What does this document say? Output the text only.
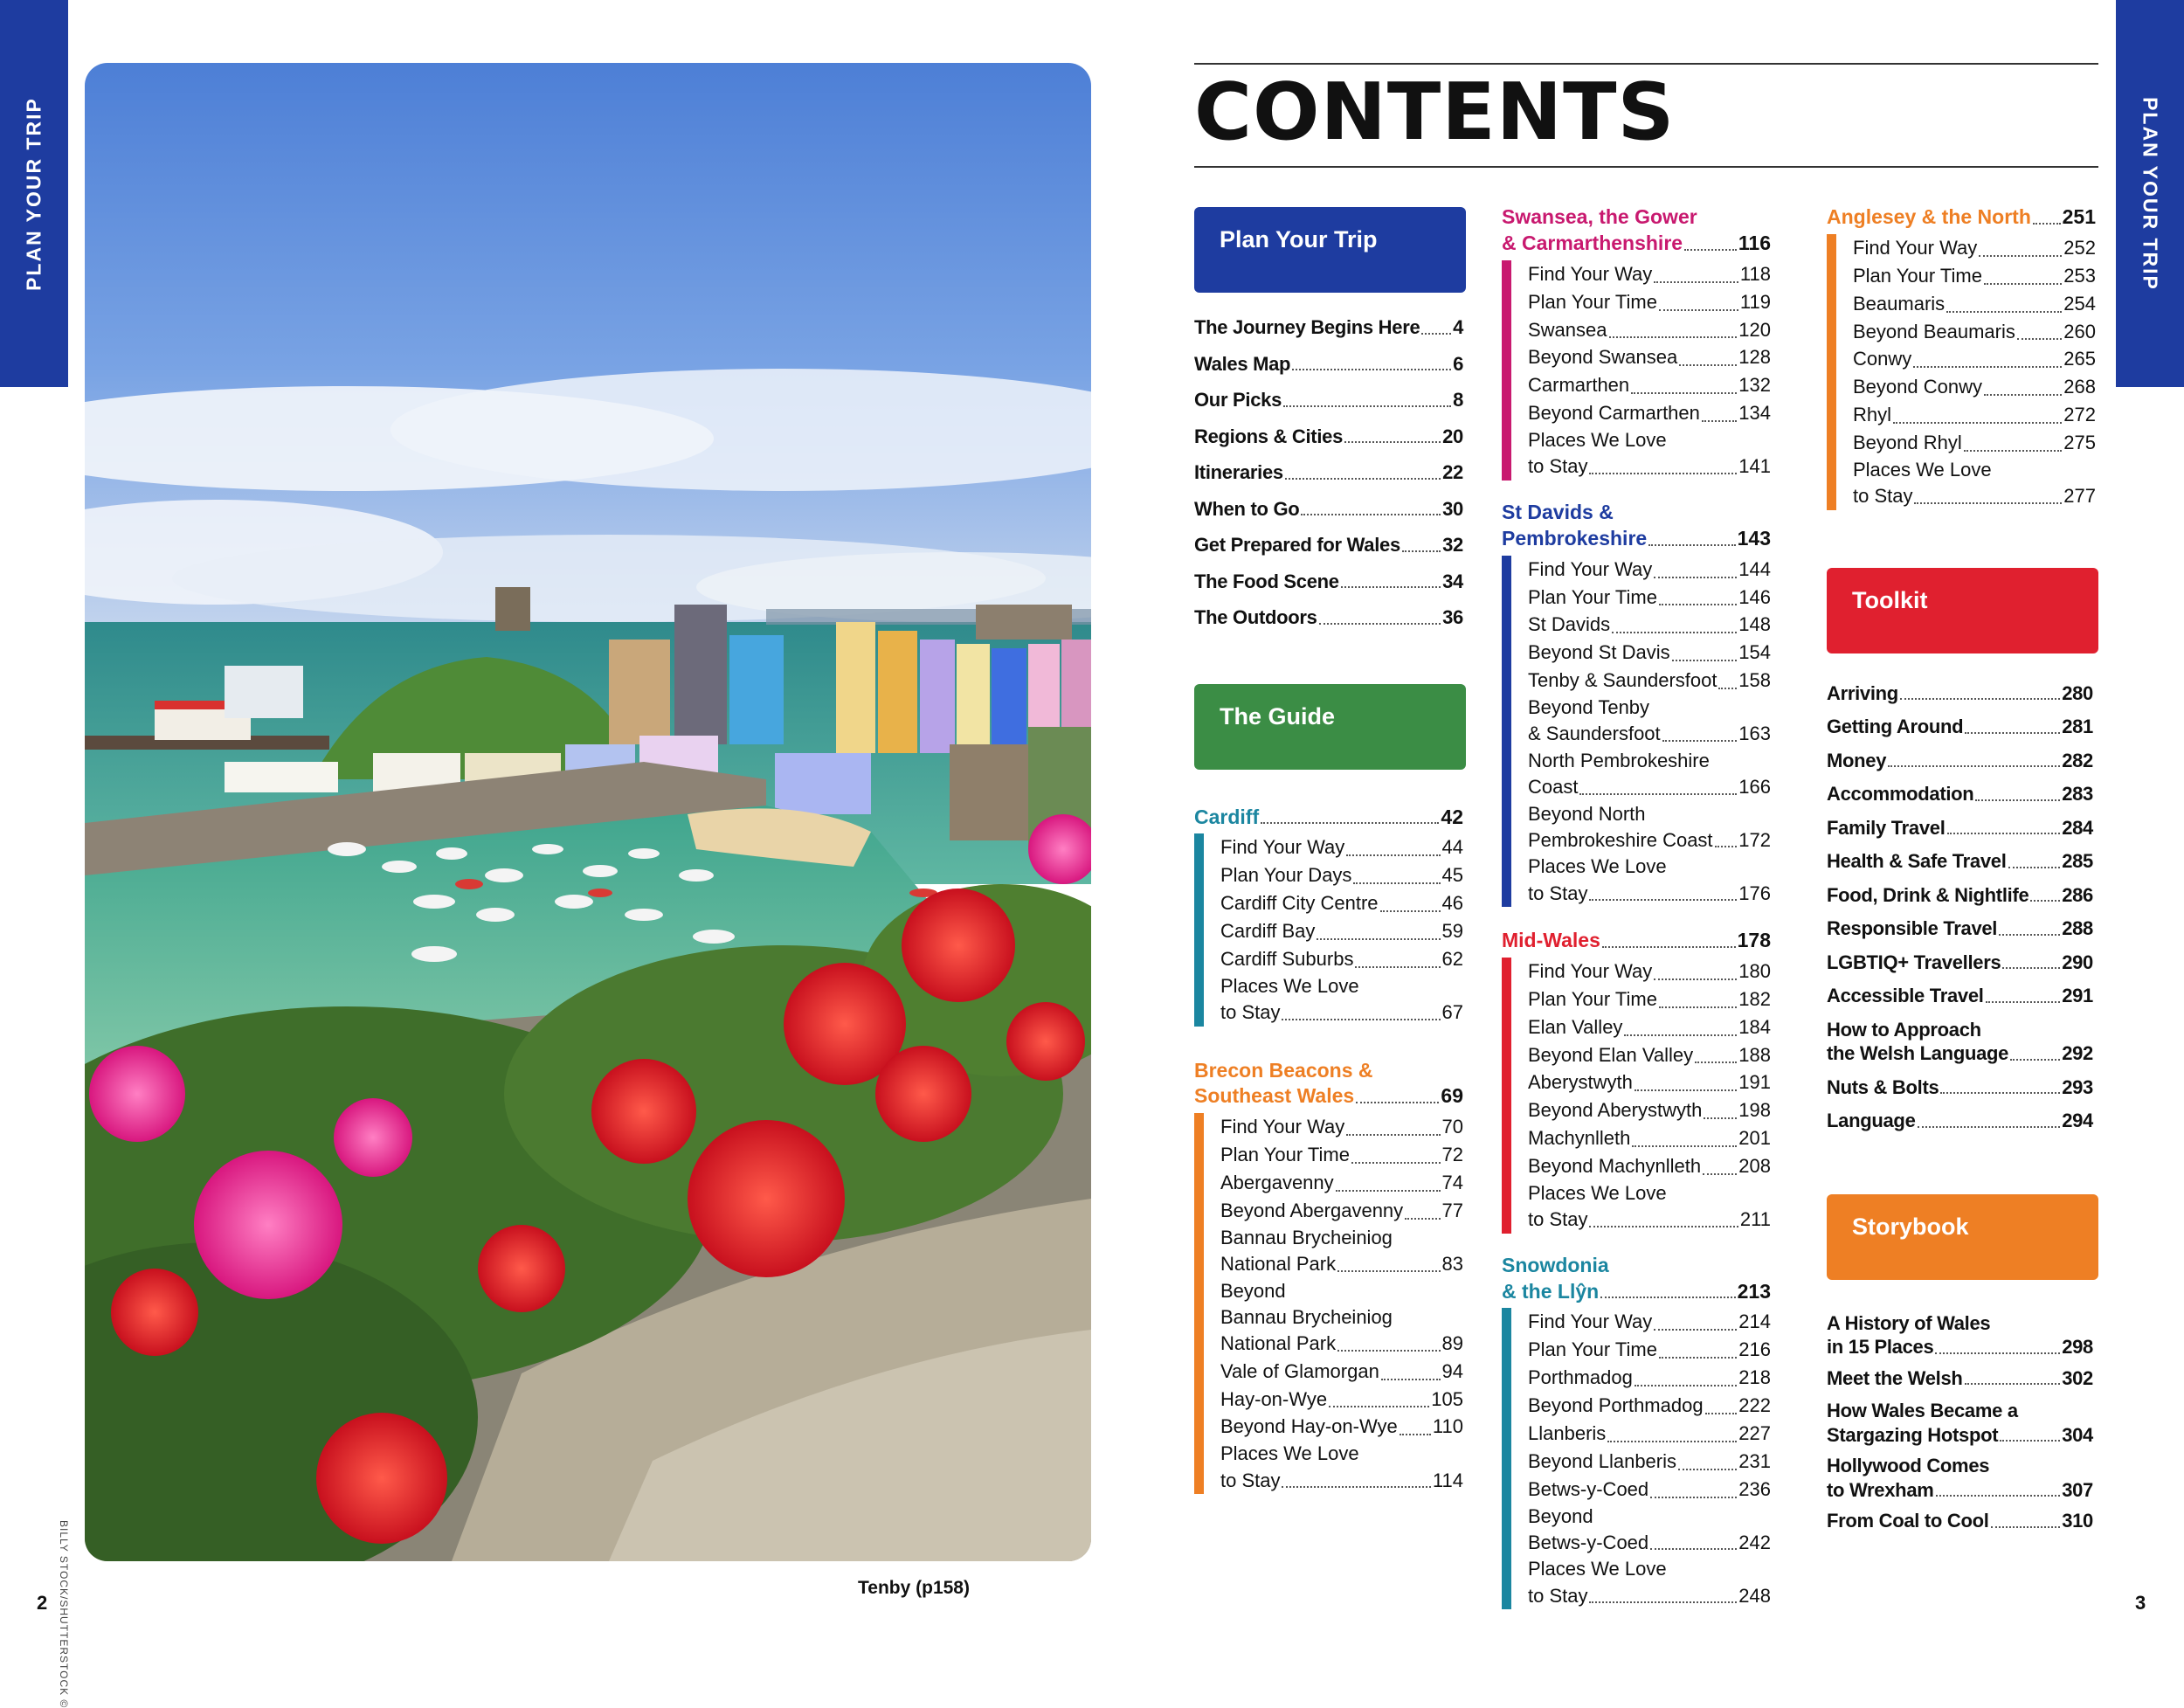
PLAN YOUR TRIP	PLAN YOUR TRIP
2	3
BILLY STOCK/SHUTTERSTOCK ©	Tenby (p158)
CONTENTS
Plan Your Trip
The Journey Begins Here 4
Wales Map	6
Our Picks	8
Regions & Cities	20
Itineraries	22
When to Go	30
Get Prepared for Wales 32
The Food Scene	34
The Outdoors	36
The Guide
Cardiff	42
Find Your Way	44
Plan Your Days	45
Cardiff City Centre	46
Cardiff Bay	59
Cardiff Suburbs	62
Places We Love
to Stay	67
Brecon Beacons &
Southeast Wales	69
Find Your Way	70
Plan Your Time	72
Abergavenny	74
Beyond Abergavenny 77
Bannau Brycheiniog
National Park	83
Beyond
Bannau Brycheiniog
National Park	89
Vale of Glamorgan	94
Hay-on-Wye	105
Beyond Hay-on-Wye 110
Places We Love
to Stay	114
Swansea, the Gower
& Carmarthenshire	116
Find Your Way	118
Plan Your Time	119
Swansea	120
Beyond Swansea	128
Carmarthen	132
Beyond Carmarthen 134
Places We Love
to Stay	141
St Davids &
Pembrokeshire	143
Find Your Way	144
Plan Your Time	146
St Davids	148
Beyond St Davis	154
Tenby & Saundersfoot 158
Beyond Tenby
& Saundersfoot	163
North Pembrokeshire
Coast	166
Beyond North
Pembrokeshire Coast 172
Places We Love
to Stay	176
Mid-Wales	178
Find Your Way	180
Plan Your Time	182
Elan Valley	184
Beyond Elan Valley 188
Aberystwyth	191
Beyond Aberystwyth 198
Machynlleth	201
Beyond Machynlleth 208
Places We Love
to Stay	211
Snowdonia
& the Llŷn	213
Find Your Way	214
Plan Your Time	216
Porthmadog	218
Beyond Porthmadog 222
Llanberis	227
Beyond Llanberis	231
Betws-y-Coed	236
Beyond
Betws-y-Coed	242
Places We Love
to Stay	248
Anglesey & the North 251
Find Your Way	252
Plan Your Time	253
Beaumaris	254
Beyond Beaumaris	260
Conwy	265
Beyond Conwy	268
Rhyl	272
Beyond Rhyl	275
Places We Love
to Stay	277
Toolkit
Arriving	280
Getting Around	281
Money	282
Accommodation	283
Family Travel	284
Health & Safe Travel	285
Food, Drink & Nightlife 286
Responsible Travel	288
LGBTIQ+ Travellers	290
Accessible Travel	291
How to Approach
the Welsh Language	292
Nuts & Bolts	293
Language	294
Storybook
A History of Wales
in 15 Places	298
Meet the Welsh	302
How Wales Became a
Stargazing Hotspot	304
Hollywood Comes
to Wrexham	307
From Coal to Cool	310
